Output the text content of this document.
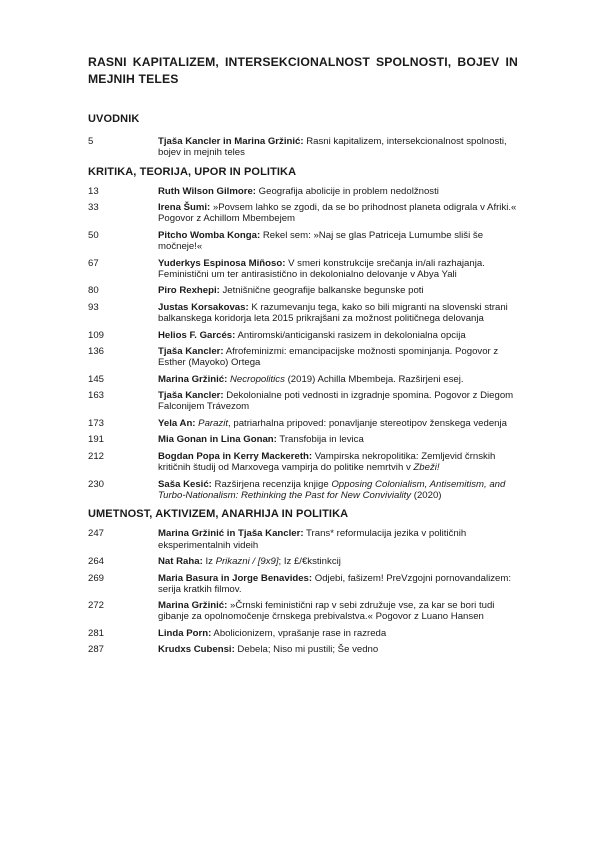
RASNI KAPITALIZEM, INTERSEKCIONALNOST SPOLNOSTI, BOJEV IN MEJNIH TELES
UVODNIK
5	Tjaša Kancler in Marina Gržinić: Rasni kapitalizem, intersekcionalnost spolnosti, bojev in mejnih teles
KRITIKA, TEORIJA, UPOR IN POLITIKA
13	Ruth Wilson Gilmore: Geografija abolicije in problem nedolžnosti
33	Irena Šumi: »Povsem lahko se zgodi, da se bo prihodnost planeta odigrala v Afriki.« Pogovor z Achillom Mbembejem
50	Pitcho Womba Konga: Rekel sem: »Naj se glas Patriceja Lumumbe sliši še močneje!«
67	Yuderkys Espinosa Miñoso: V smeri konstrukcije srečanja in/ali razhajanja. Feministični um ter antirasistično in dekolonialno delovanje v Abya Yali
80	Piro Rexhepi: Jetnišnične geografije balkanske begunske poti
93	Justas Korsakovas: K razumevanju tega, kako so bili migranti na slovenski strani balkanskega koridorja leta 2015 prikrajšani za možnost političnega delovanja
109	Helios F. Garcés: Antiromski/anticiganski rasizem in dekolonialna opcija
136	Tjaša Kancler: Afrofeminizmi: emancipacijske možnosti spominjanja. Pogovor z Esther (Mayoko) Ortega
145	Marina Gržinić: Necropolitics (2019) Achilla Mbembeja. Razširjeni esej.
163	Tjaša Kancler: Dekolonialne poti vednosti in izgradnje spomina. Pogovor z Diegom Falconijem Trávezom
173	Yela An: Parazit, patriarhalna pripoved: ponavljanje stereotipov ženskega vedenja
191	Mia Gonan in Lina Gonan: Transfobija in levica
212	Bogdan Popa in Kerry Mackereth: Vampirska nekropolitika: Zemljevid črnskih kritičnih študij od Marxovega vampirja do politike nemrtvih v Zbeži!
230	Saša Kesić: Razširjena recenzija knjige Opposing Colonialism, Antisemitism, and Turbo-Nationalism: Rethinking the Past for New Conviviality (2020)
UMETNOST, AKTIVIZEM, ANARHIJA IN POLITIKA
247	Marina Gržinić in Tjaša Kancler: Trans* reformulacija jezika v političnih eksperimentalnih videih
264	Nat Raha: Iz Prikazni / [9x9]; Iz £/€kstinkcij
269	Maria Basura in Jorge Benavides: Odjebi, fašizem! PreVzgojni pornovandalizem: serija kratkih filmov.
272	Marina Gržinić: »Črnski feministični rap v sebi združuje vse, za kar se bori tudi gibanje za opolnomočenje črnskega prebivalstva.« Pogovor z Luano Hansen
281	Linda Porn: Abolicionizem, vprašanje rase in razreda
287	Krudxs Cubensi: Debela; Niso mi pustili; Še vedno
